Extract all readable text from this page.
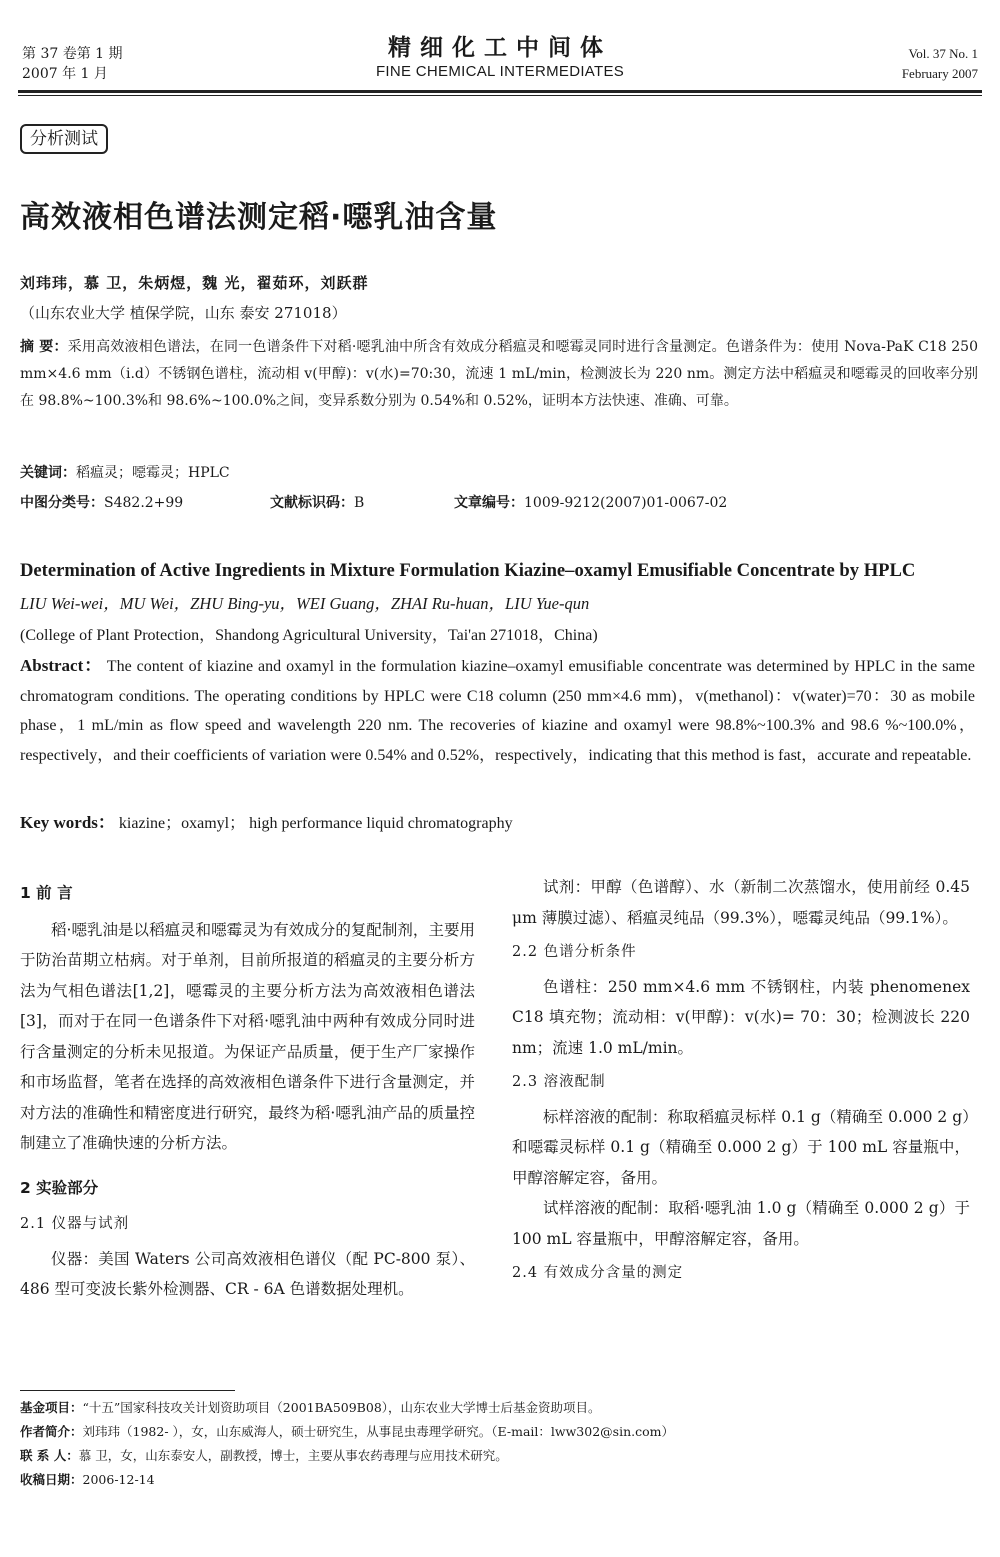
第 37 卷第 1 期
2007 年 1 月
精细化工中间体
FINE CHEMICAL INTERMEDIATES
Vol. 37 No. 1
February 2007
分析测试
高效液相色谱法测定稻·噁乳油含量
刘玮玮，慕 卫，朱炳煜，魏 光，翟茹环，刘跃群
（山东农业大学 植保学院，山东 泰安 271018）
摘 要：采用高效液相色谱法，在同一色谱条件下对稻·噁乳油中所含有效成分稻瘟灵和噁霉灵同时进行含量测定。色谱条件为：使用 Nova-PaK C18 250 mm×4.6 mm（i.d）不锈钢色谱柱，流动相 v(甲醇)：v(水)=70:30，流速 1 mL/min，检测波长为 220 nm。测定方法中稻瘟灵和噁霉灵的回收率分别在 98.8%~100.3%和 98.6%~100.0%之间，变异系数分别为 0.54%和 0.52%，证明本方法快速、准确、可靠。
关键词：稻瘟灵；噁霉灵；HPLC
中图分类号：S482.2+99	文献标识码：B	文章编号：1009-9212(2007)01-0067-02
Determination of Active Ingredients in Mixture Formulation Kiazine–oxamyl Emusifiable Concentrate by HPLC
LIU Wei-wei，MU Wei，ZHU Bing-yu，WEI Guang，ZHAI Ru-huan，LIU Yue-qun
(College of Plant Protection，Shandong Agricultural University，Tai'an 271018，China)
Abstract： The content of kiazine and oxamyl in the formulation kiazine–oxamyl emusifiable concentrate was determined by HPLC in the same chromatogram conditions. The operating conditions by HPLC were C18 column (250 mm×4.6 mm)，v(methanol)：v(water)=70：30 as mobile phase，1 mL/min as flow speed and wavelength 220 nm. The recoveries of kiazine and oxamyl were 98.8%~100.3% and 98.6 %~100.0%，respectively，and their coefficients of variation were 0.54% and 0.52%，respectively，indicating that this method is fast，accurate and repeatable.
Key words： kiazine；oxamyl； high performance liquid chromatography
1 前 言

稻·噁乳油是以稻瘟灵和噁霉灵为有效成分的复配制剂，主要用于防治苗期立枯病。对于单剂，目前所报道的稻瘟灵的主要分析方法为气相色谱法[1,2]，噁霉灵的主要分析方法为高效液相色谱法[3]，而对于在同一色谱条件下对稻·噁乳油中两种有效成分同时进行含量测定的分析未见报道。为保证产品质量，便于生产厂家操作和市场监督，笔者在选择的高效液相色谱条件下进行含量测定，并对方法的准确性和精密度进行研究，最终为稻·噁乳油产品的质量控制建立了准确快速的分析方法。

2 实验部分
2.1 仪器与试剂

仪器：美国 Waters 公司高效液相色谱仪（配 PC-800 泵）、486 型可变波长紫外检测器、CR - 6A 色谱数据处理机。

试剂：甲醇（色谱醇）、水（新制二次蒸馏水，使用前经 0.45 μm 薄膜过滤）、稻瘟灵纯品（99.3%），噁霉灵纯品（99.1%）。

2.2 色谱分析条件

色谱柱：250 mm×4.6 mm 不锈钢柱，内装 phenomenex C18 填充物；流动相：v(甲醇)：v(水)= 70：30；检测波长 220 nm；流速 1.0 mL/min。

2.3 溶液配制

标样溶液的配制：称取稻瘟灵标样 0.1 g（精确至 0.000 2 g）和噁霉灵标样 0.1 g（精确至 0.000 2 g）于 100 mL 容量瓶中，甲醇溶解定容，备用。

试样溶液的配制：取稻·噁乳油 1.0 g（精确至 0.000 2 g）于 100 mL 容量瓶中，甲醇溶解定容，备用。

2.4 有效成分含量的测定
基金项目：“十五”国家科技攻关计划资助项目（2001BA509B08），山东农业大学博士后基金资助项目。
作者简介：刘玮玮（1982- ），女，山东威海人，硕士研究生，从事昆虫毒理学研究。（E-mail：lww302@sin.com）
联 系 人：慕 卫，女，山东泰安人，副教授，博士，主要从事农药毒理与应用技术研究。
收稿日期：2006-12-14
